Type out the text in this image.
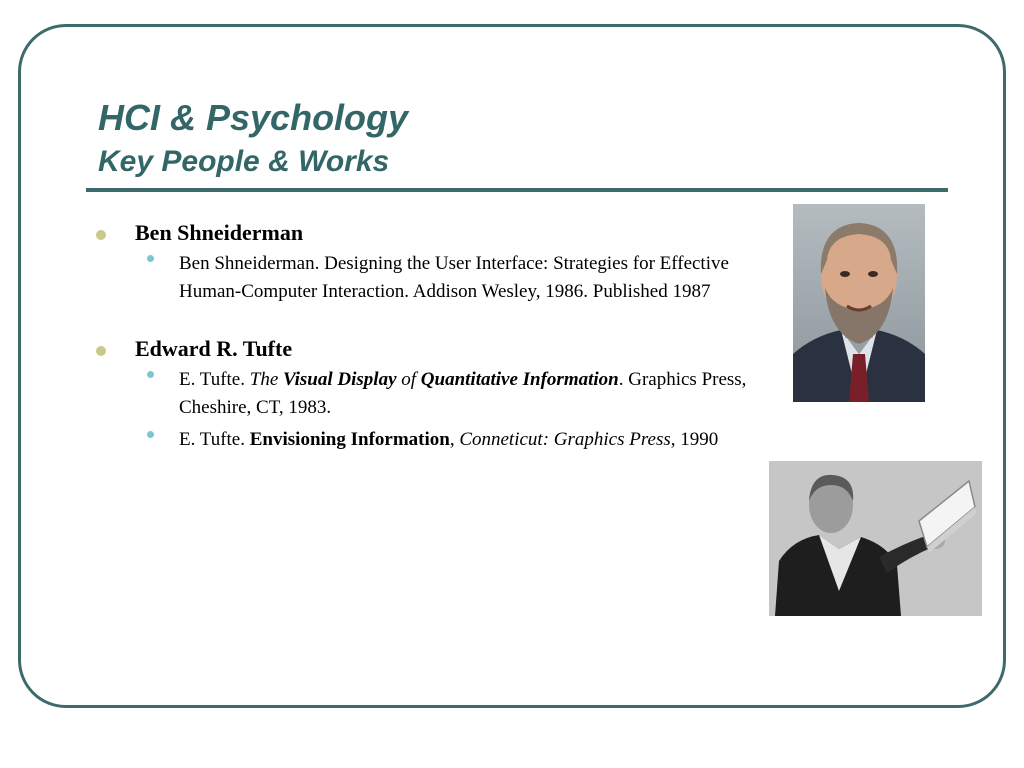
HCI & Psychology
Key People & Works
Ben Shneiderman
Ben Shneiderman. Designing the User Interface: Strategies for Effective Human-Computer Interaction. Addison Wesley, 1986. Published 1987
Edward R. Tufte
E. Tufte. The Visual Display of Quantitative Information. Graphics Press, Cheshire, CT, 1983.
E. Tufte. Envisioning Information, Conneticut: Graphics Press, 1990
